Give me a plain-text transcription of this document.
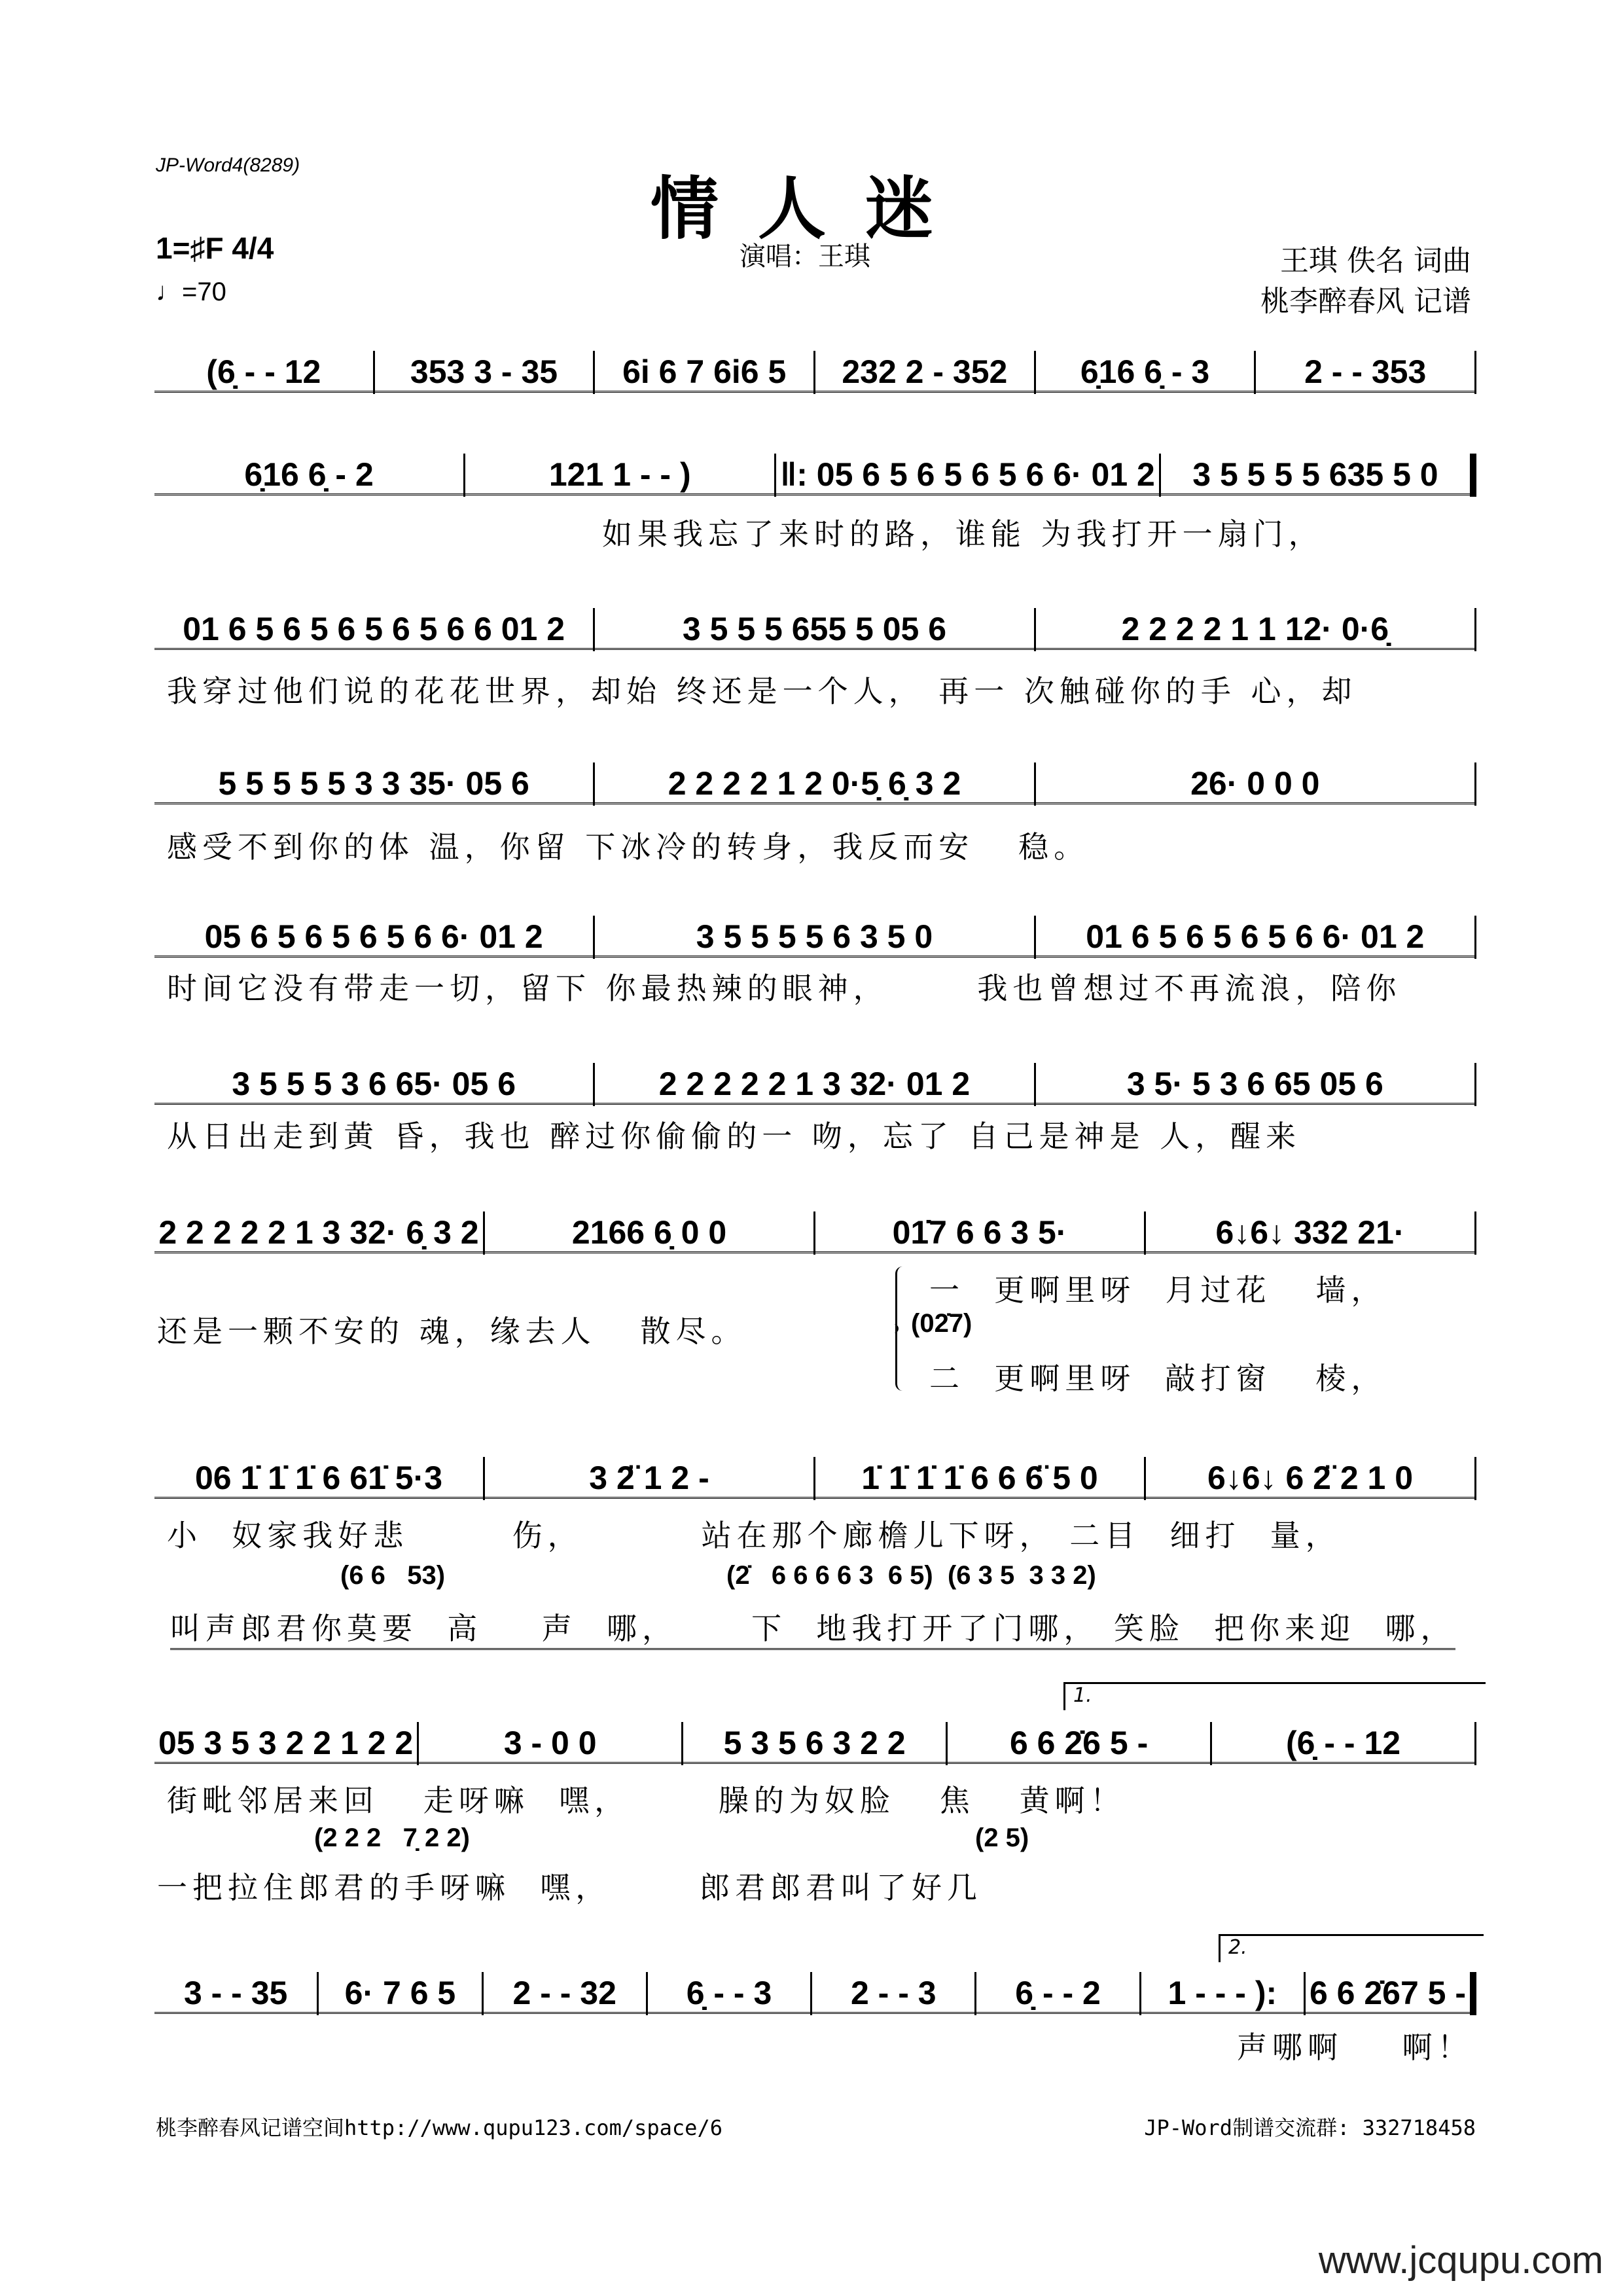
JP-Word4(8289)
情人迷
1=♯F 4/4
♩=70
演唱：王琪	王琪 佚名 词曲
桃李醉春风 记谱
(6̣ - - 12	353 3 - 35	6i 6 7 6i6 5	232 2 - 352	6̣16 6̣ - 3	2 - - 353
6̣16 6̣ - 2	121 1 - - )	‖: 05 6 5 6 5 6 5 6 6· 01 2	3 5 5 5 5 635 5 0
如果我忘了来时的路，谁能 为我打开一扇门，
01 6 5 6 5 6 5 6 5 6 6 01 2	3 5 5 5 655 5 05 6	2 2 2 2 1 1 12· 0·6̣
我穿过他们说的花花世界，却始 终还是一个人， 再一 次触碰你的手 心，却
5 5 5 5 5 3 3 35· 05 6	2 2 2 2 1 2 0·5̣ 6̣ 3 2	26· 0 0 0
感受不到你的体 温，你留 下冰冷的转身，我反而安   稳。
05 6 5 6 5 6 5 6 6· 01 2	3 5 5 5 5 6 3 5 0	01 6 5 6 5 6 5 6 6· 01 2
时间它没有带走一切，留下 你最热辣的眼神，      我也曾想过不再流浪，陪你
3 5 5 5 3 6 65· 05 6	2 2 2 2 2 1 3 32· 01 2	3 5· 5 3 6 65 05 6
从日出走到黄 昏，我也 醉过你偷偷的一 吻，忘了 自己是神是 人，醒来
2 2 2 2 2 1 3 32· 6̣ 3 2	2166 6̣ 0 0	01̇7 6 6 3 5·	6↓6↓ 332 21·
还是一颗不安的 魂，缘去人   散尽。
06 1̇ 1̇ 1̇ 6 61̇ 5·3	3 2̈ 1 2 -	1̇ 1̇ 1̇ 1̇ 6 6 6̈ 5 0	6↓6↓ 6 2̈ 2 1 0
小  奴家我好悲       伤，        站在那个廊檐儿下呀， 二目  细打  量，
05 3 5 3 2 2 1 2 2	3 - 0 0	5 3 5 6 3 2 2	6 6 2̇6 5 -	(6̣ - - 12
街毗邻居来回   走呀嘛  嘿，      臊的为奴脸   焦   黄啊！
3 - - 35	6· 7 6 5	2 - - 32	6̣ - - 3	2 - - 3	6̣ - - 2	1 - - - ): 6 6 2̇67 5 -
声哪啊    啊！
(02̇7)
一  更啊里呀  月过花   墙，
二  更啊里呀  敲打窗   棱，
(6 6   53)	(2̇   6 6 6 6 3  6 5)  (6 3 5  3 3 2)
叫声郎君你莫要  高    声  哪，     下  地我打开了门哪， 笑脸  把你来迎  哪，
(2 2 2   7̣ 2 2)	(2 5)
一把拉住郎君的手呀嘛  嘿，      郎君郎君叫了好几
1.
2.
桃李醉春风记谱空间http://www.qupu123.com/space/6	JP-Word制谱交流群: 332718458
www.jcqupu.com
